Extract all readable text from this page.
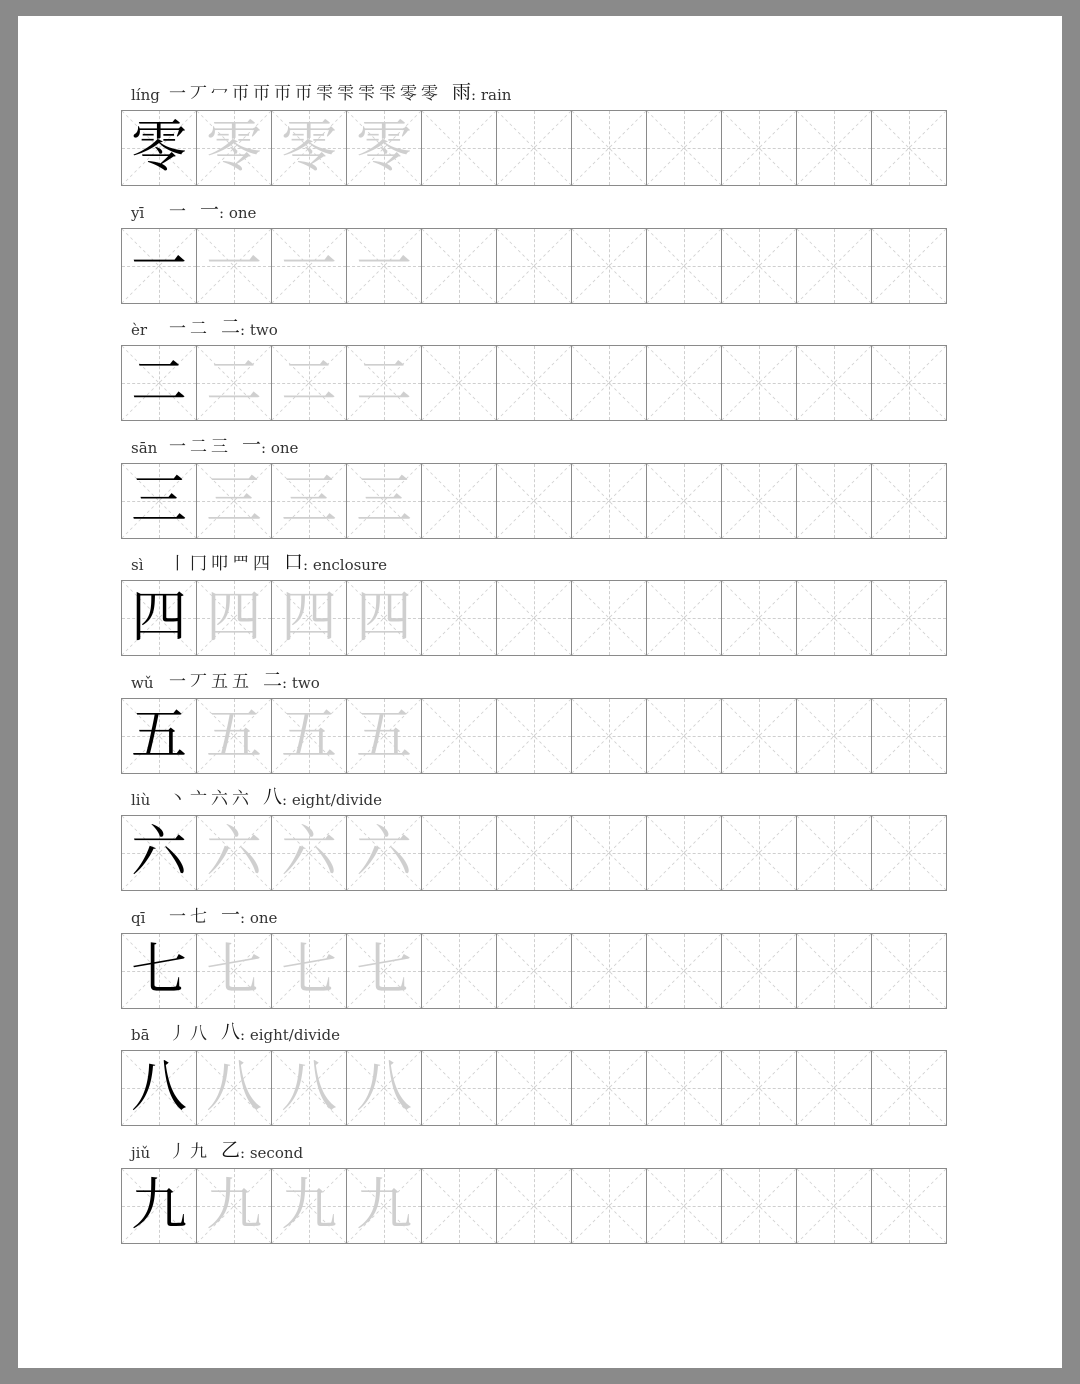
líng 一丆冖帀帀帀帀雫雫雫雫零零 雨 : rain
零 零 零 零
yī	一 一 : one
一 一 一 一
èr	一二 二 : two
二 二 二 二
sān 一二三 一 : one
三 三 三 三
sì	丨冂叩罒四 口 : enclosure
四 四 四 四
wǔ 一丆五五 二 : two
五 五 五 五
liù	丶亠六六 八 : eight/divide
六 六 六 六
qī	一七 一 : one
七 七 七 七
bā	丿八 八 : eight/divide
八 八 八 八
jiǔ	丿九 乙 : second
九 九 九 九
